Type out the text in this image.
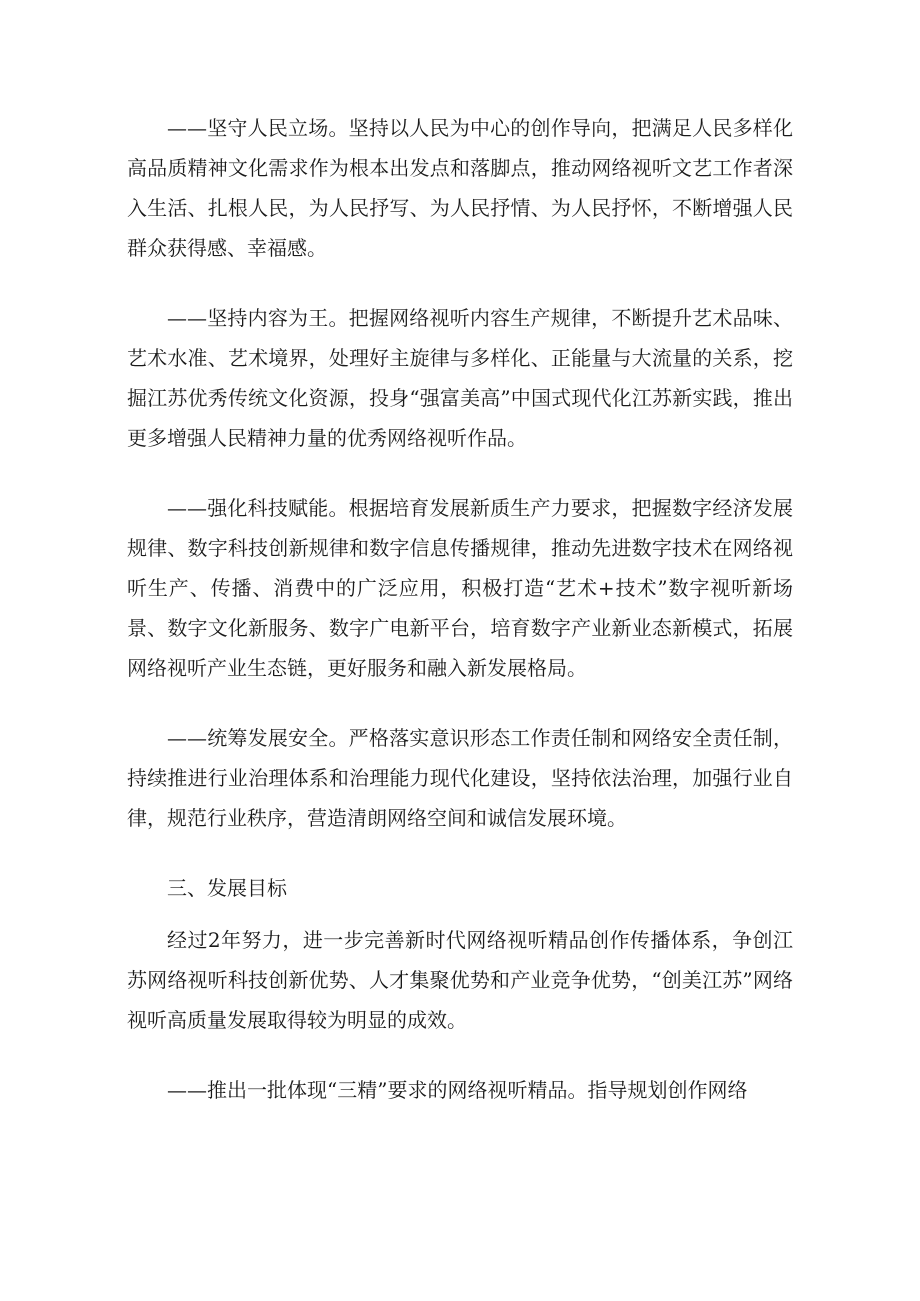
——坚守人民立场。坚持以人民为中心的创作导向，把满足人民多样化高品质精神文化需求作为根本出发点和落脚点，推动网络视听文艺工作者深入生活、扎根人民，为人民抒写、为人民抒情、为人民抒怀，不断增强人民群众获得感、幸福感。

——坚持内容为王。把握网络视听内容生产规律，不断提升艺术品味、艺术水准、艺术境界，处理好主旋律与多样化、正能量与大流量的关系，挖掘江苏优秀传统文化资源，投身“强富美高”中国式现代化江苏新实践，推出更多增强人民精神力量的优秀网络视听作品。

——强化科技赋能。根据培育发展新质生产力要求，把握数字经济发展规律、数字科技创新规律和数字信息传播规律，推动先进数字技术在网络视听生产、传播、消费中的广泛应用，积极打造“艺术+技术”数字视听新场景、数字文化新服务、数字广电新平台，培育数字产业新业态新模式，拓展网络视听产业生态链，更好服务和融入新发展格局。

——统筹发展安全。严格落实意识形态工作责任制和网络安全责任制，持续推进行业治理体系和治理能力现代化建设，坚持依法治理，加强行业自律，规范行业秩序，营造清朗网络空间和诚信发展环境。

三、发展目标

经过2年努力，进一步完善新时代网络视听精品创作传播体系，争创江苏网络视听科技创新优势、人才集聚优势和产业竞争优势，“创美江苏”网络视听高质量发展取得较为明显的成效。

——推出一批体现“三精”要求的网络视听精品。指导规划创作网络
